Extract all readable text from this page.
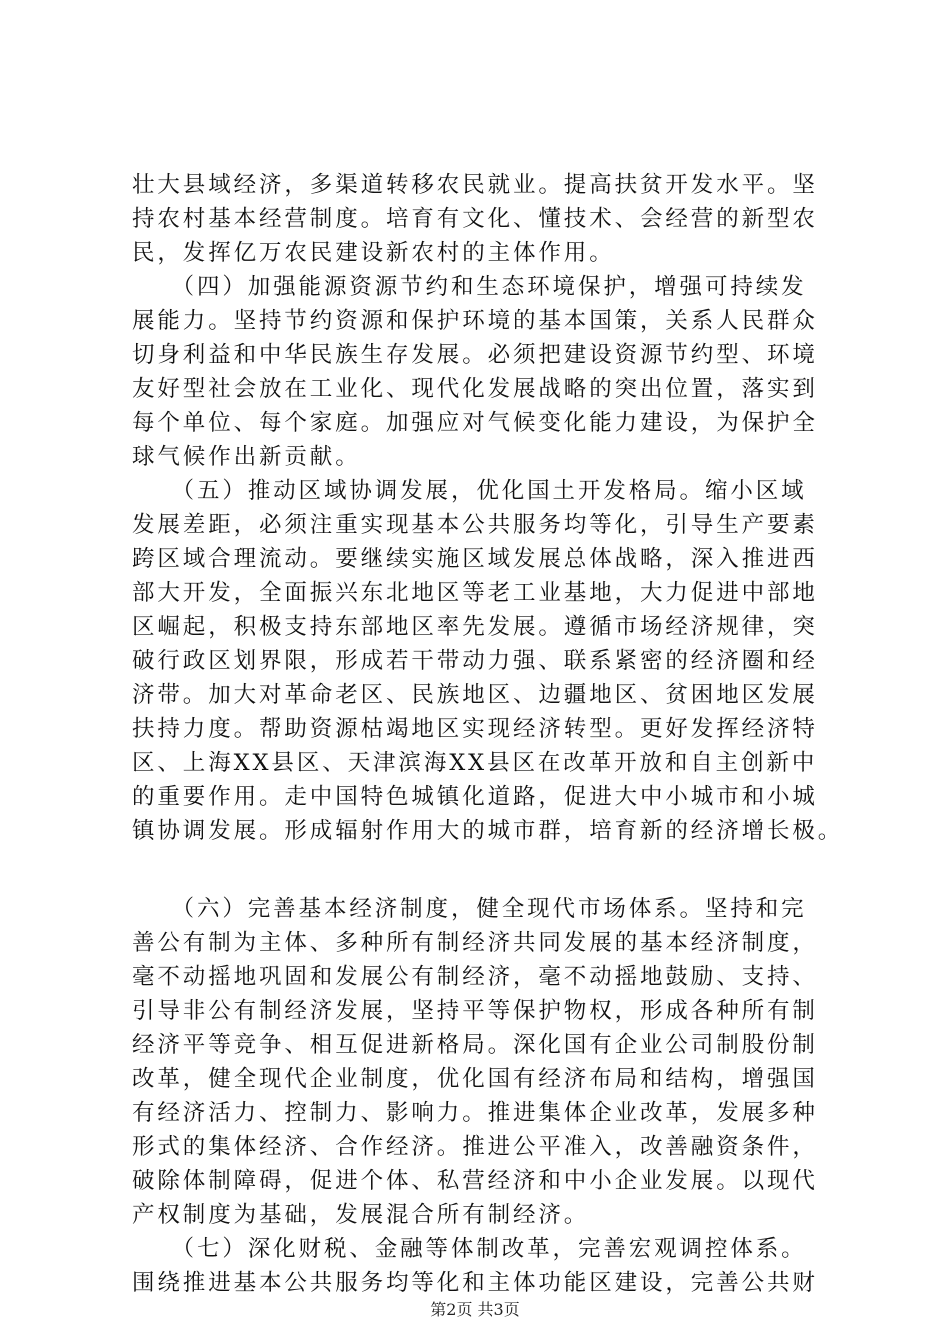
壮大县域经济，多渠道转移农民就业。提高扶贫开发水平。坚
持农村基本经营制度。培育有文化、懂技术、会经营的新型农
民，发挥亿万农民建设新农村的主体作用。
　　（四）加强能源资源节约和生态环境保护，增强可持续发
展能力。坚持节约资源和保护环境的基本国策，关系人民群众
切身利益和中华民族生存发展。必须把建设资源节约型、环境
友好型社会放在工业化、现代化发展战略的突出位置，落实到
每个单位、每个家庭。加强应对气候变化能力建设，为保护全
球气候作出新贡献。
　　（五）推动区域协调发展，优化国土开发格局。缩小区域
发展差距，必须注重实现基本公共服务均等化，引导生产要素
跨区域合理流动。要继续实施区域发展总体战略，深入推进西
部大开发，全面振兴东北地区等老工业基地，大力促进中部地
区崛起，积极支持东部地区率先发展。遵循市场经济规律，突
破行政区划界限，形成若干带动力强、联系紧密的经济圈和经
济带。加大对革命老区、民族地区、边疆地区、贫困地区发展
扶持力度。帮助资源枯竭地区实现经济转型。更好发挥经济特
区、上海XX县区、天津滨海XX县区在改革开放和自主创新中
的重要作用。走中国特色城镇化道路，促进大中小城市和小城
镇协调发展。形成辐射作用大的城市群，培育新的经济增长极。
　　（六）完善基本经济制度，健全现代市场体系。坚持和完
善公有制为主体、多种所有制经济共同发展的基本经济制度，
毫不动摇地巩固和发展公有制经济，毫不动摇地鼓励、支持、
引导非公有制经济发展，坚持平等保护物权，形成各种所有制
经济平等竞争、相互促进新格局。深化国有企业公司制股份制
改革，健全现代企业制度，优化国有经济布局和结构，增强国
有经济活力、控制力、影响力。推进集体企业改革，发展多种
形式的集体经济、合作经济。推进公平准入，改善融资条件，
破除体制障碍，促进个体、私营经济和中小企业发展。以现代
产权制度为基础，发展混合所有制经济。
　　（七）深化财税、金融等体制改革，完善宏观调控体系。
围绕推进基本公共服务均等化和主体功能区建设，完善公共财
第2页 共3页
